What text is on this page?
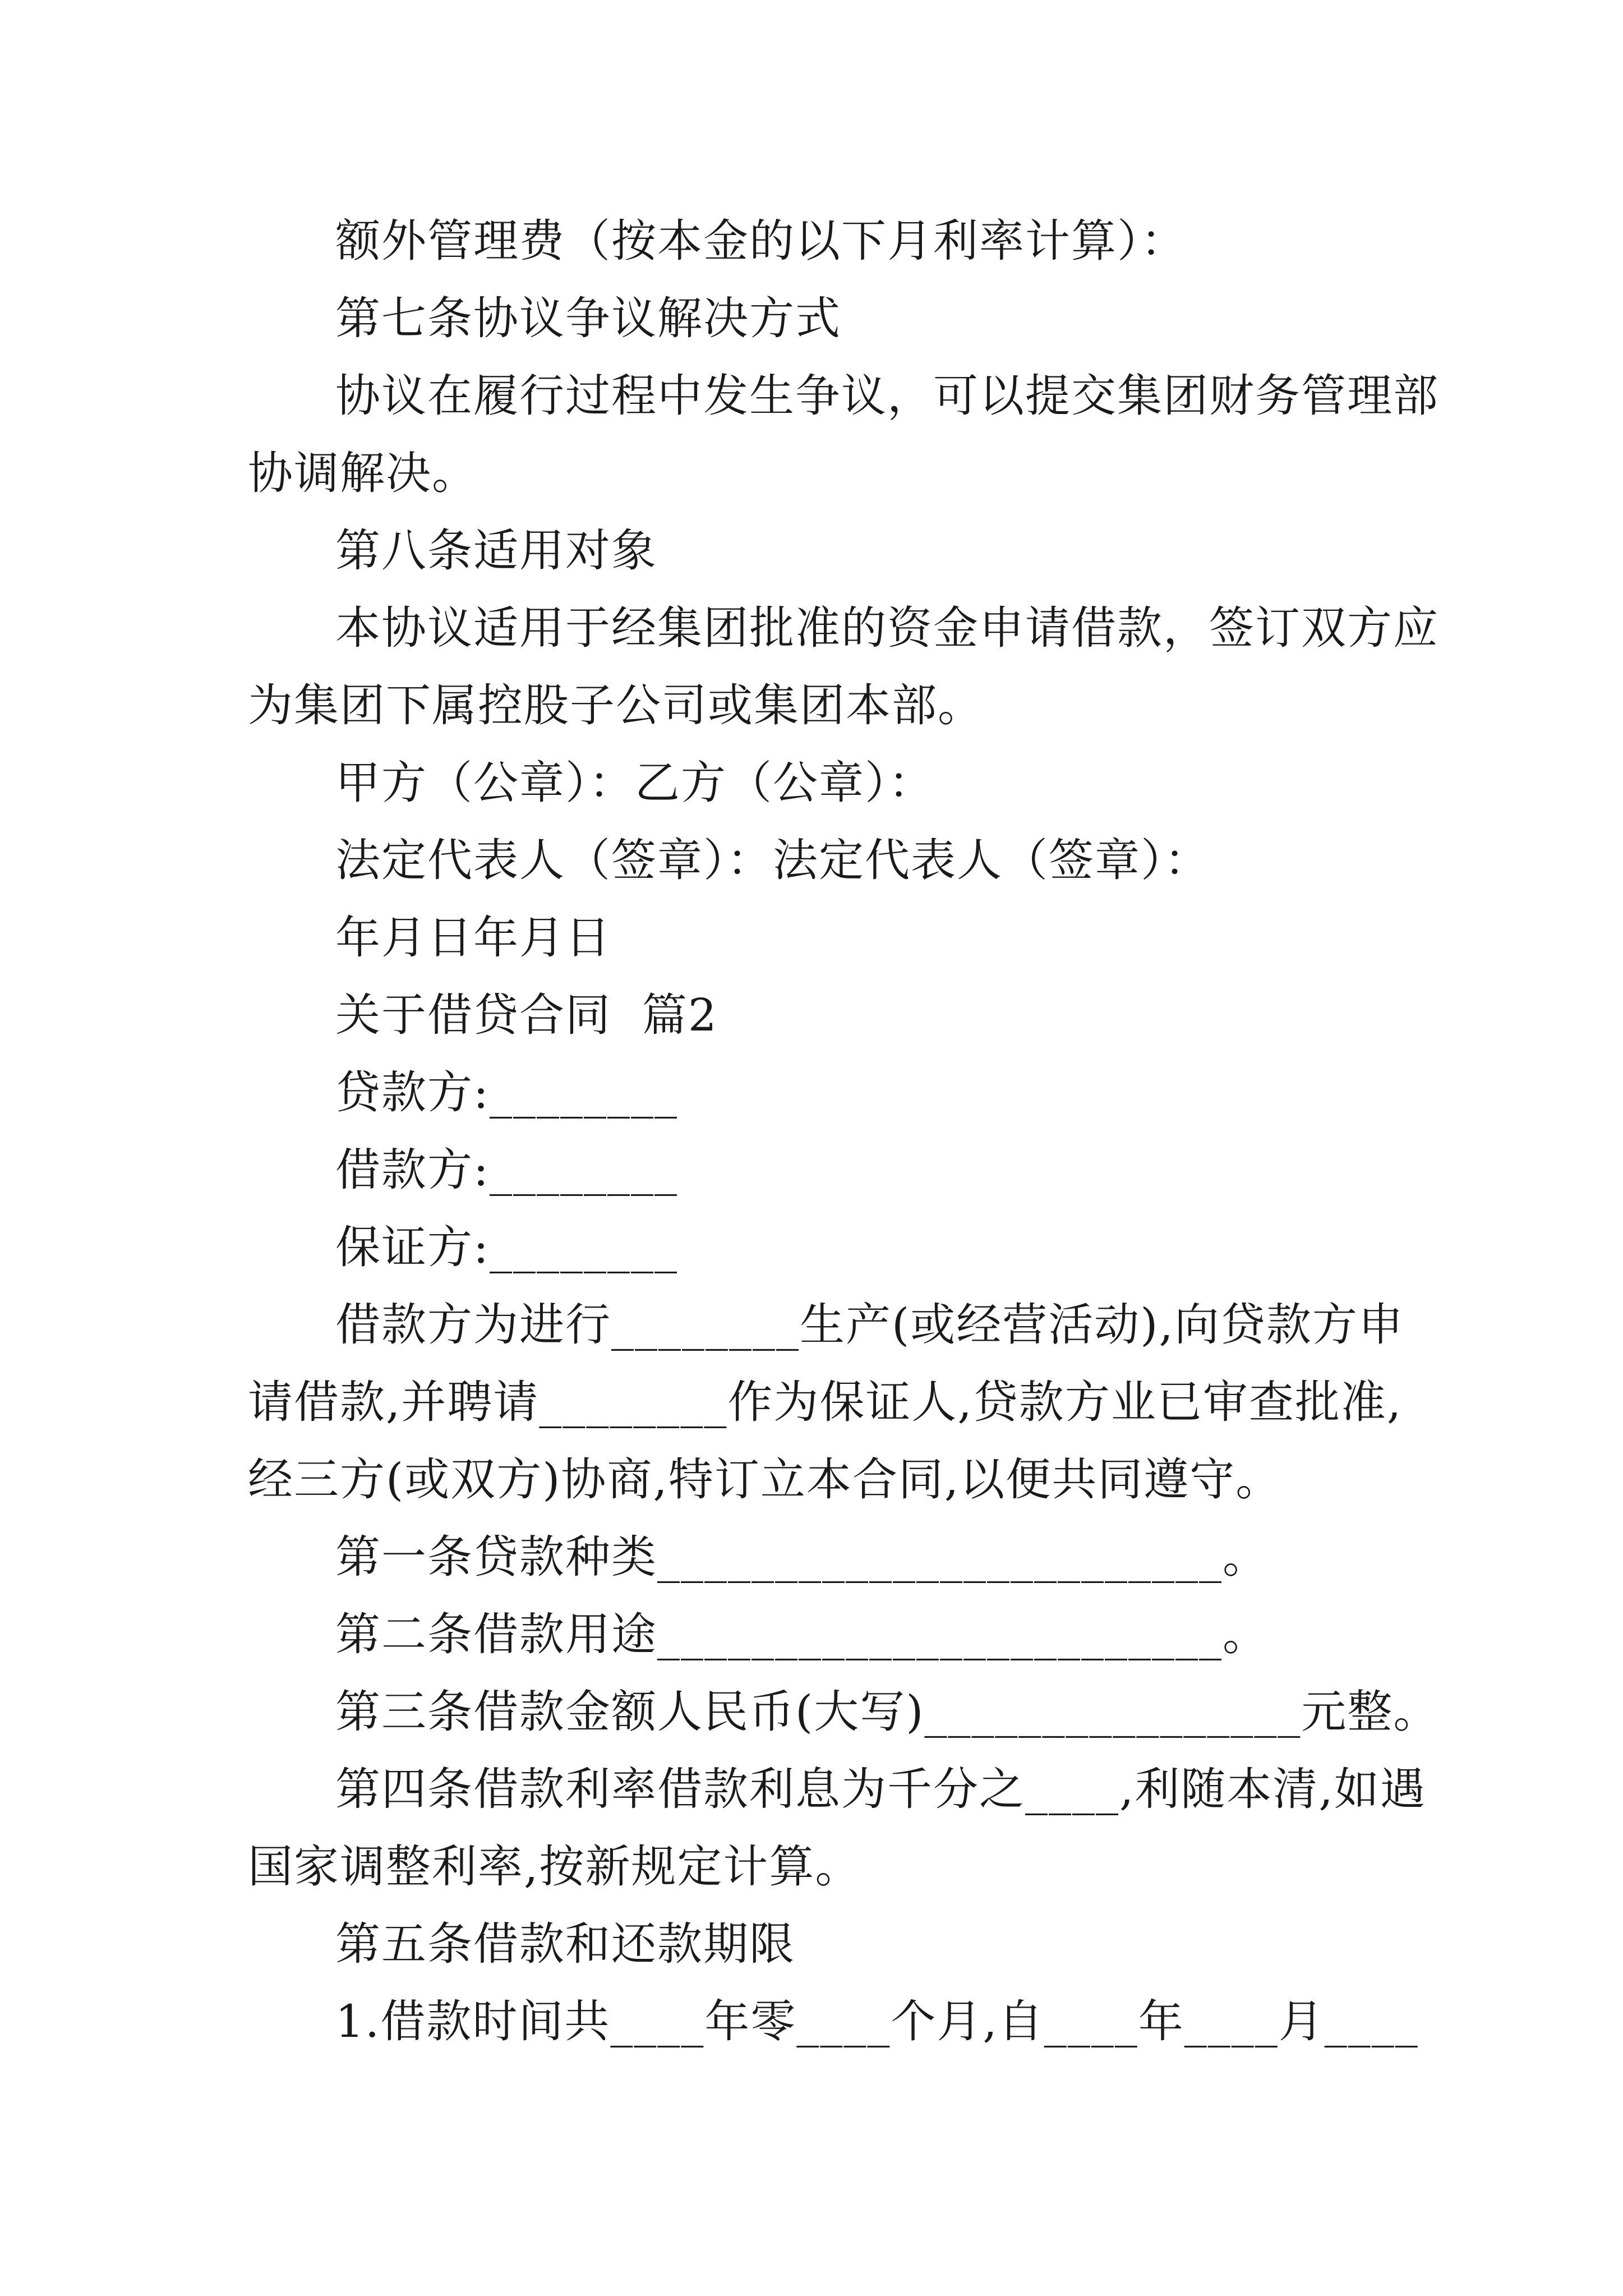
额外管理费（按本金的以下月利率计算）：
第七条协议争议解决方式
协议在履行过程中发生争议，可以提交集团财务管理部
协调解决。
第八条适用对象
本协议适用于经集团批准的资金申请借款，签订双方应
为集团下属控股子公司或集团本部。
甲方（公章）：乙方（公章）：
法定代表人（签章）：法定代表人（签章）：
年月日年月日
关于借贷合同  篇2
贷款方:________
借款方:________
保证方:________
借款方为进行________生产(或经营活动),向贷款方申
请借款,并聘请________作为保证人,贷款方业已审查批准,
经三方(或双方)协商,特订立本合同,以便共同遵守。
第一条贷款种类________________________。
第二条借款用途________________________。
第三条借款金额人民币(大写)________________元整。
第四条借款利率借款利息为千分之____,利随本清,如遇
国家调整利率,按新规定计算。
第五条借款和还款期限
1.借款时间共____年零____个月,自____年____月____
